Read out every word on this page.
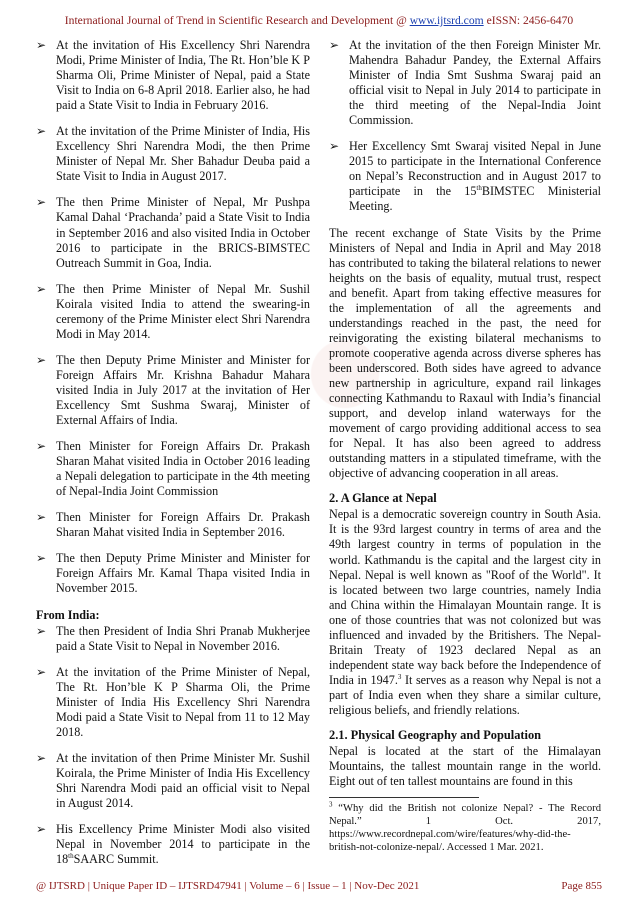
International Journal of Trend in Scientific Research and Development @ www.ijtsrd.com eISSN: 2456-6470
➢ At the invitation of His Excellency Shri Narendra Modi, Prime Minister of India, The Rt. Hon’ble K P Sharma Oli, Prime Minister of Nepal, paid a State Visit to India on 6-8 April 2018. Earlier also, he had paid a State Visit to India in February 2016.
➢ At the invitation of the Prime Minister of India, His Excellency Shri Narendra Modi, the then Prime Minister of Nepal Mr. Sher Bahadur Deuba paid a State Visit to India in August 2017.
➢ The then Prime Minister of Nepal, Mr Pushpa Kamal Dahal ‘Prachanda’ paid a State Visit to India in September 2016 and also visited India in October 2016 to participate in the BRICS-BIMSTEC Outreach Summit in Goa, India.
➢ The then Prime Minister of Nepal Mr. Sushil Koirala visited India to attend the swearing-in ceremony of the Prime Minister elect Shri Narendra Modi in May 2014.
➢ The then Deputy Prime Minister and Minister for Foreign Affairs Mr. Krishna Bahadur Mahara visited India in July 2017 at the invitation of Her Excellency Smt Sushma Swaraj, Minister of External Affairs of India.
➢ Then Minister for Foreign Affairs Dr. Prakash Sharan Mahat visited India in October 2016 leading a Nepali delegation to participate in the 4th meeting of Nepal-India Joint Commission
➢ Then Minister for Foreign Affairs Dr. Prakash Sharan Mahat visited India in September 2016.
➢ The then Deputy Prime Minister and Minister for Foreign Affairs Mr. Kamal Thapa visited India in November 2015.
From India:
➢ The then President of India Shri Pranab Mukherjee paid a State Visit to Nepal in November 2016.
➢ At the invitation of the Prime Minister of Nepal, The Rt. Hon’ble K P Sharma Oli, the Prime Minister of India His Excellency Shri Narendra Modi paid a State Visit to Nepal from 11 to 12 May 2018.
➢ At the invitation of then Prime Minister Mr. Sushil Koirala, the Prime Minister of India His Excellency Shri Narendra Modi paid an official visit to Nepal in August 2014.
➢ His Excellency Prime Minister Modi also visited Nepal in November 2014 to participate in the 18thSAARC Summit.
➢ At the invitation of the then Foreign Minister Mr. Mahendra Bahadur Pandey, the External Affairs Minister of India Smt Sushma Swaraj paid an official visit to Nepal in July 2014 to participate in the third meeting of the Nepal-India Joint Commission.
➢ Her Excellency Smt Swaraj visited Nepal in June 2015 to participate in the International Conference on Nepal’s Reconstruction and in August 2017 to participate in the 15thBIMSTEC Ministerial Meeting.
The recent exchange of State Visits by the Prime Ministers of Nepal and India in April and May 2018 has contributed to taking the bilateral relations to newer heights on the basis of equality, mutual trust, respect and benefit. Apart from taking effective measures for the implementation of all the agreements and understandings reached in the past, the need for reinvigorating the existing bilateral mechanisms to promote cooperative agenda across diverse spheres has been underscored. Both sides have agreed to advance new partnership in agriculture, expand rail linkages connecting Kathmandu to Raxaul with India’s financial support, and develop inland waterways for the movement of cargo providing additional access to sea for Nepal. It has also been agreed to address outstanding matters in a stipulated timeframe, with the objective of advancing cooperation in all areas.
2. A Glance at Nepal
Nepal is a democratic sovereign country in South Asia. It is the 93rd largest country in terms of area and the 49th largest country in terms of population in the world. Kathmandu is the capital and the largest city in Nepal. Nepal is well known as "Roof of the World". It is located between two large countries, namely India and China within the Himalayan Mountain range. It is one of those countries that was not colonized but was influenced and invaded by the Britishers. The Nepal-Britain Treaty of 1923 declared Nepal as an independent state way back before the Independence of India in 1947.$^3$ It serves as a reason why Nepal is not a part of India even when they share a similar culture, religious beliefs, and friendly relations.
2.1. Physical Geography and Population
Nepal is located at the start of the Himalayan Mountains, the tallest mountain range in the world. Eight out of ten tallest mountains are found in this
$^3$ “Why did the British not colonize Nepal? - The Record Nepal.” 1 Oct. 2017, https://www.recordnepal.com/wire/features/why-did-the-british-not-colonize-nepal/. Accessed 1 Mar. 2021.
@ IJTSRD | Unique Paper ID – IJTSRD47941 | Volume – 6 | Issue – 1 | Nov-Dec 2021	Page 855
